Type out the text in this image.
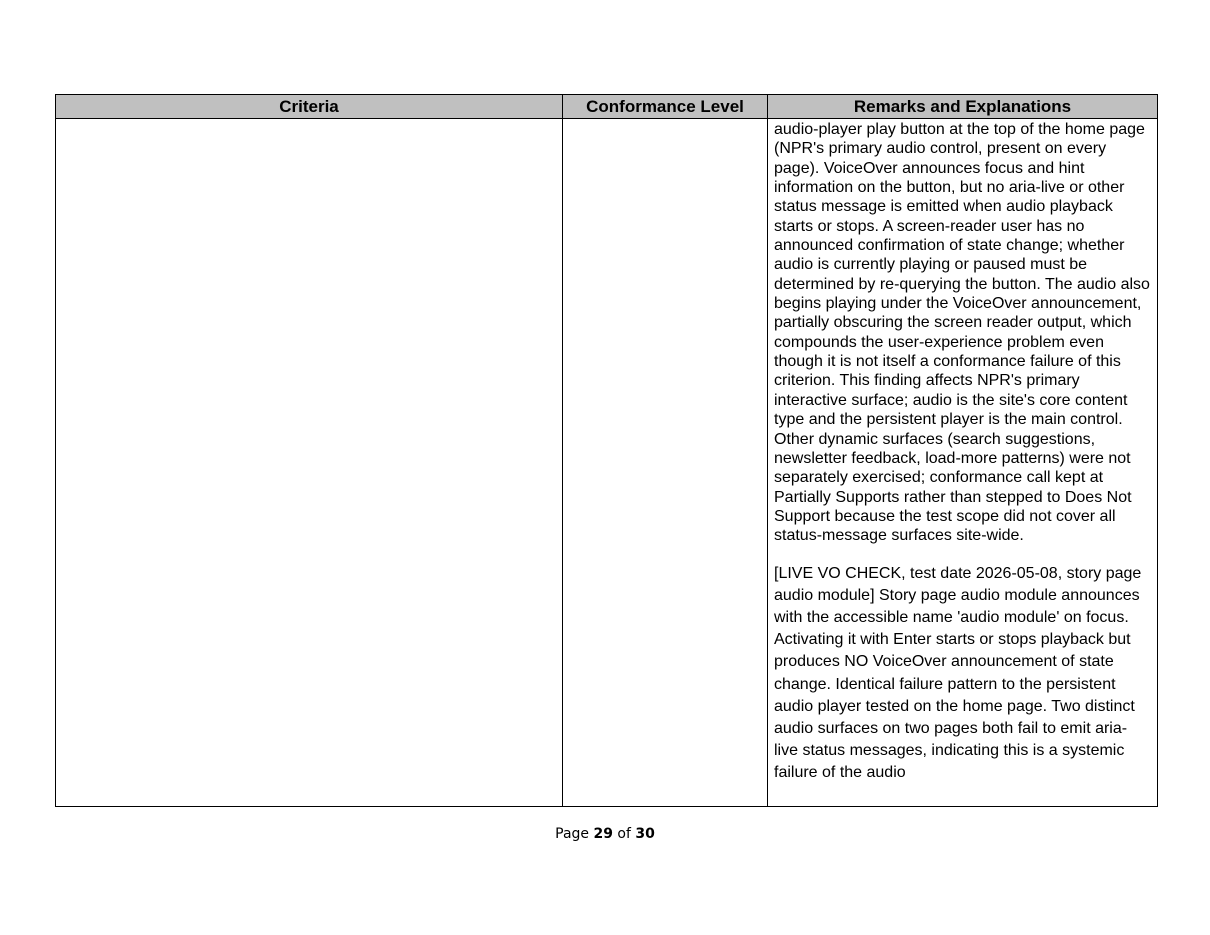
Criteria	Conformance Level	Remarks and Explanations

		audio-player play button at the top of the home page (NPR's primary audio control, present on every page). VoiceOver announces focus and hint information on the button, but no aria-live or other status message is emitted when audio playback starts or stops. A screen-reader user has no announced confirmation of state change; whether audio is currently playing or paused must be determined by re-querying the button. The audio also begins playing under the VoiceOver announcement, partially obscuring the screen reader output, which compounds the user-experience problem even though it is not itself a conformance failure of this criterion. This finding affects NPR's primary interactive surface; audio is the site's core content type and the persistent player is the main control. Other dynamic surfaces (search suggestions, newsletter feedback, load-more patterns) were not separately exercised; conformance call kept at Partially Supports rather than stepped to Does Not Support because the test scope did not cover all status-message surfaces site-wide.

[LIVE VO CHECK, test date 2026-05-08, story page audio module] Story page audio module announces with the accessible name 'audio module' on focus. Activating it with Enter starts or stops playback but produces NO VoiceOver announcement of state change. Identical failure pattern to the persistent audio player tested on the home page. Two distinct audio surfaces on two pages both fail to emit aria-live status messages, indicating this is a systemic failure of the audio

Page 29 of 30
